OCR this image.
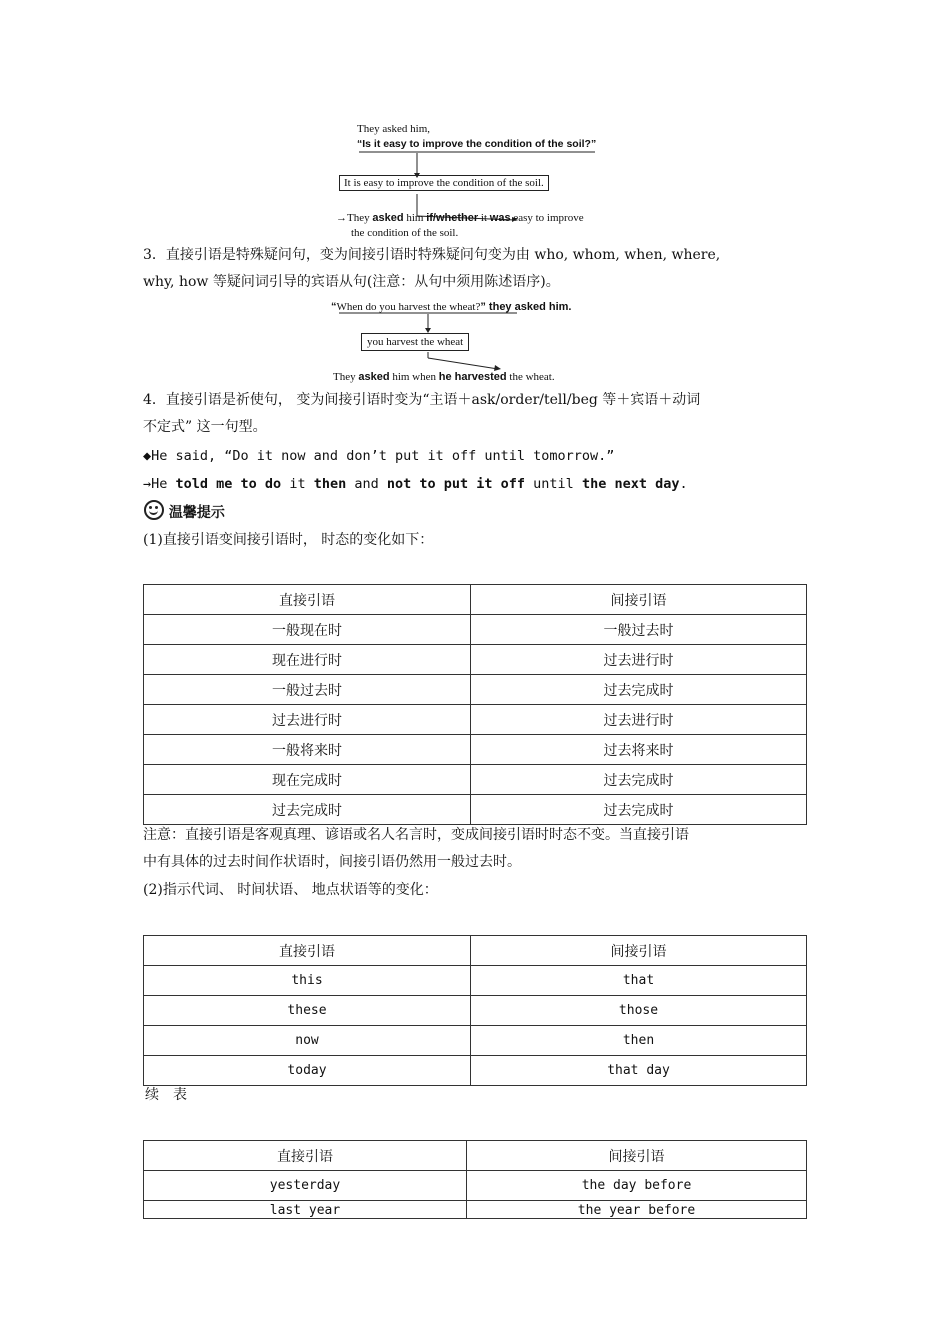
They asked him,
“Is it easy to improve the condition of the soil?”
It is easy to improve the condition of the soil.
→They asked him if/whether it was easy to improve
the condition of the soil.
3．直接引语是特殊疑问句，变为间接引语时特殊疑问句变为由 who, whom, when, where,
why, how 等疑问词引导的宾语从句(注意：从句中须用陈述语序)。
“When do you harvest the wheat?” they asked him.
you harvest the wheat
They asked him when he harvested the wheat.
4．直接引语是祈使句， 变为间接引语时变为“主语＋ask/order/tell/beg 等＋宾语＋动词
不定式” 这一句型。
◆He said, “Do it now and don’t put it off until tomorrow.”
→He told me to do it then and not to put it off until the next day.
温馨提示
(1)直接引语变间接引语时， 时态的变化如下：
直接引语	间接引语
一般现在时	一般过去时
现在进行时	过去进行时
一般过去时	过去完成时
过去进行时	过去进行时
一般将来时	过去将来时
现在完成时	过去完成时
过去完成时	过去完成时
注意：直接引语是客观真理、谚语或名人名言时，变成间接引语时时态不变。当直接引语
中有具体的过去时间作状语时，间接引语仍然用一般过去时。
(2)指示代词、 时间状语、 地点状语等的变化：
直接引语	间接引语
this	that
these	those
now	then
today	that day
续　表
直接引语	间接引语
yesterday	the day before
last year	the year before
